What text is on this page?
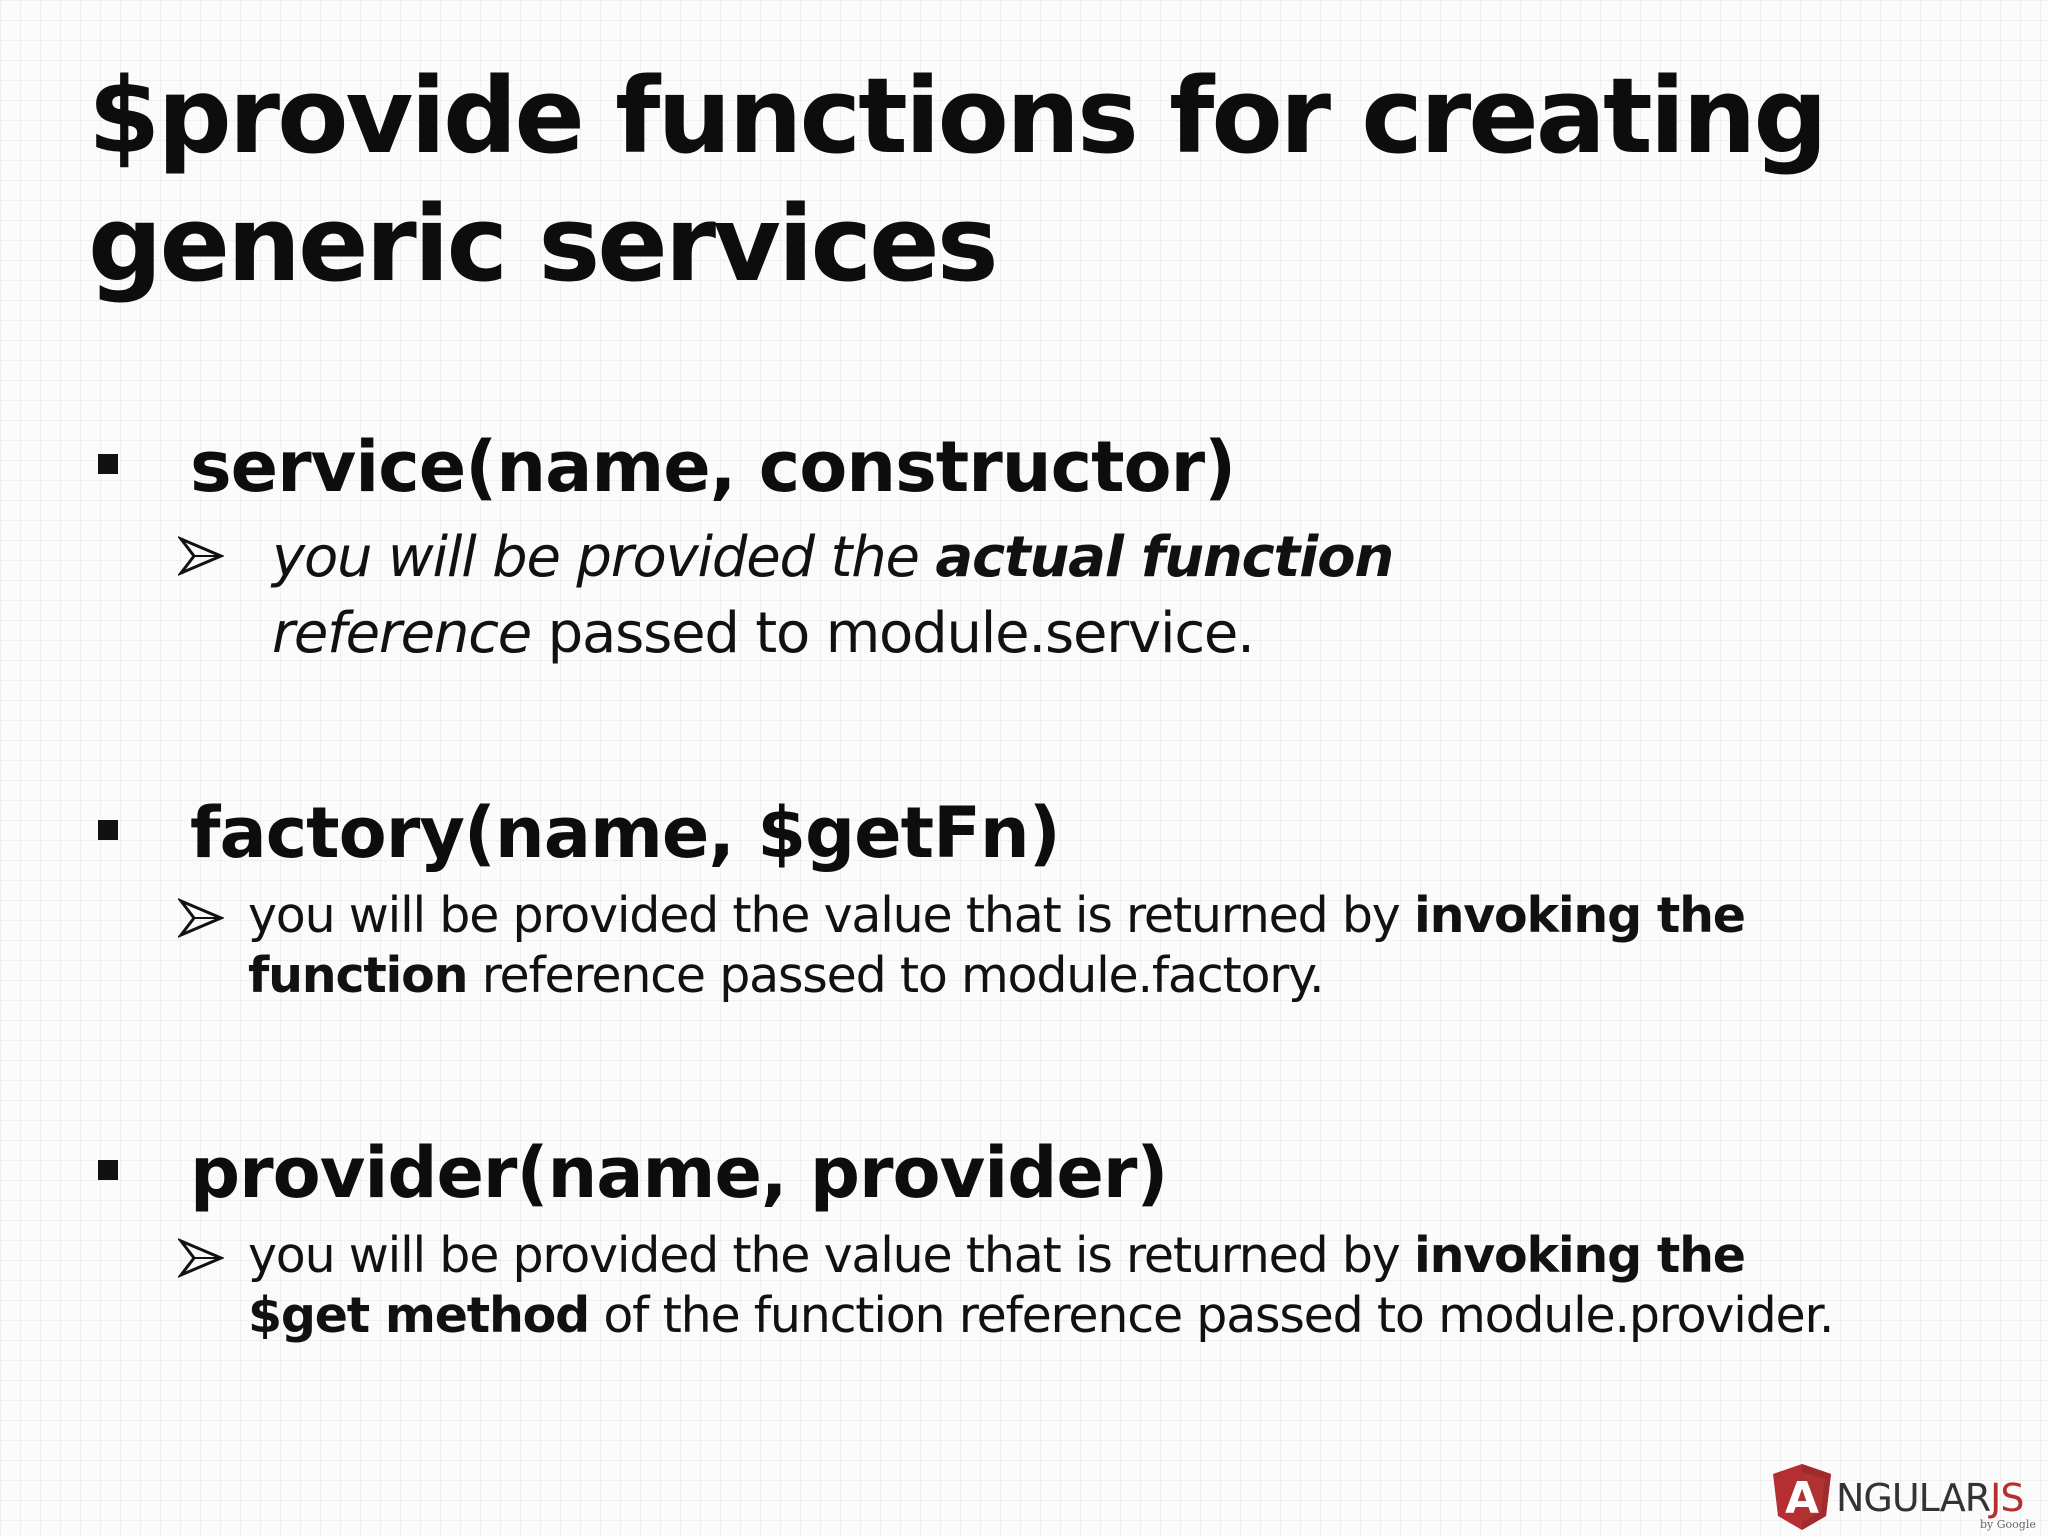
$provide functions for creating
generic services
service(name, constructor)
you will be provided the actual function
reference passed to module.service.
factory(name, $getFn)
you will be provided the value that is returned by invoking the
function reference passed to module.factory.
provider(name, provider)
you will be provided the value that is returned by invoking the
$get method of the function reference passed to module.provider.
A NGULARJS
by Google
